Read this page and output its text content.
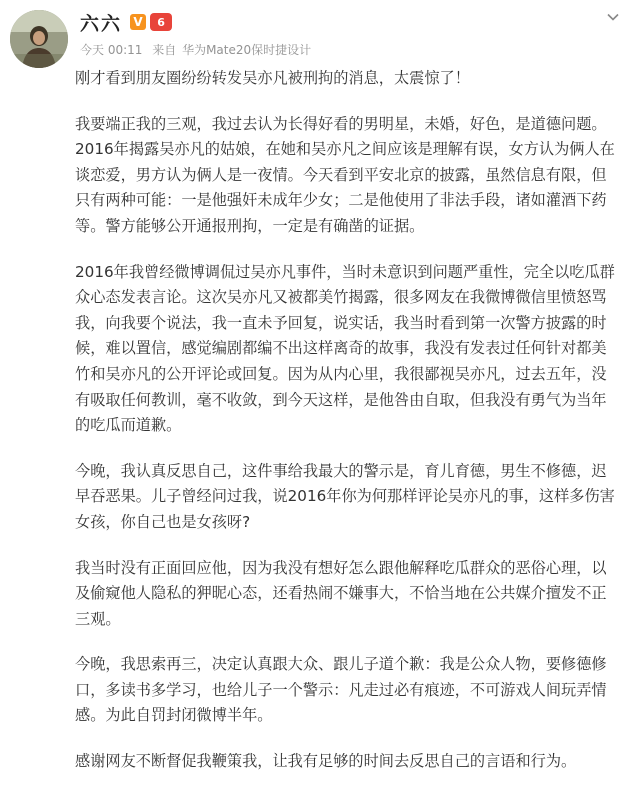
六六 V	6
今天 00:11 来自 华为Mate20保时捷设计

刚才看到朋友圈纷纷转发吴亦凡被刑拘的消息，太震惊了！

我要端正我的三观，我过去认为长得好看的男明星，未婚，好色，是道德问题。
2016年揭露吴亦凡的姑娘，在她和吴亦凡之间应该是理解有误，女方认为俩人在
谈恋爱，男方认为俩人是一夜情。今天看到平安北京的披露，虽然信息有限，但
只有两种可能：一是他强奸未成年少女；二是他使用了非法手段，诸如灌酒下药
等。警方能够公开通报刑拘，一定是有确凿的证据。

2016年我曾经微博调侃过吴亦凡事件，当时未意识到问题严重性，完全以吃瓜群
众心态发表言论。这次吴亦凡又被都美竹揭露，很多网友在我微博微信里愤怒骂
我，向我要个说法，我一直未予回复，说实话，我当时看到第一次警方披露的时
候，难以置信，感觉编剧都编不出这样离奇的故事，我没有发表过任何针对都美
竹和吴亦凡的公开评论或回复。因为从内心里，我很鄙视吴亦凡，过去五年，没
有吸取任何教训，毫不收敛，到今天这样，是他咎由自取，但我没有勇气为当年
的吃瓜而道歉。

今晚，我认真反思自己，这件事给我最大的警示是，育儿育德，男生不修德，迟
早吞恶果。儿子曾经问过我，说2016年你为何那样评论吴亦凡的事，这样多伤害
女孩，你自己也是女孩呀?

我当时没有正面回应他，因为我没有想好怎么跟他解释吃瓜群众的恶俗心理，以
及偷窥他人隐私的狎昵心态，还看热闹不嫌事大，不恰当地在公共媒介擅发不正
三观。

今晚，我思索再三，决定认真跟大众、跟儿子道个歉：我是公众人物，要修德修
口，多读书多学习，也给儿子一个警示：凡走过必有痕迹，不可游戏人间玩弄情
感。为此自罚封闭微博半年。

感谢网友不断督促我鞭策我，让我有足够的时间去反思自己的言语和行为。
